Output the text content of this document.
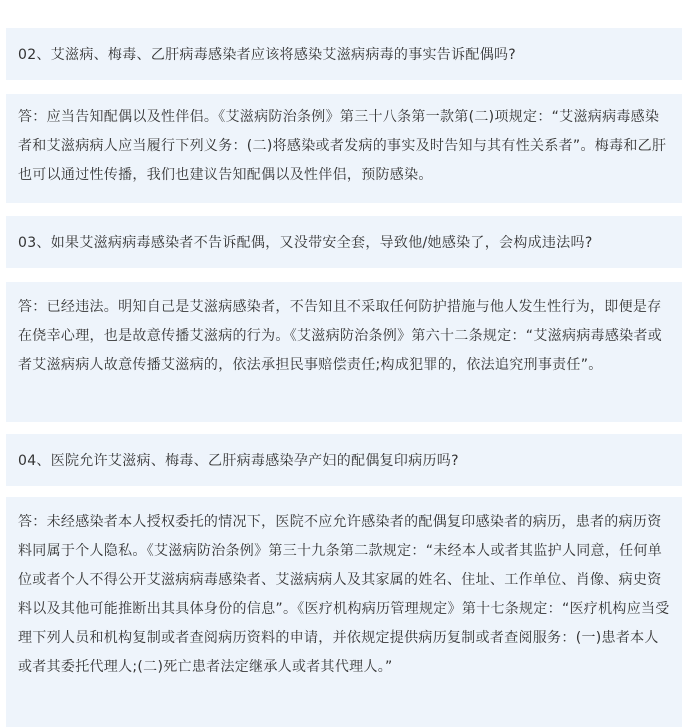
02、艾滋病、梅毒、乙肝病毒感染者应该将感染艾滋病病毒的事实告诉配偶吗?

答：应当告知配偶以及性伴侣。《艾滋病防治条例》第三十八条第一款第(二)项规定：“艾滋病病毒感染者和艾滋病病人应当履行下列义务：(二)将感染或者发病的事实及时告知与其有性关系者”。梅毒和乙肝也可以通过性传播，我们也建议告知配偶以及性伴侣，预防感染。

03、如果艾滋病病毒感染者不告诉配偶，又没带安全套，导致他/她感染了，会构成违法吗?

答：已经违法。明知自己是艾滋病感染者，不告知且不采取任何防护措施与他人发生性行为，即便是存在侥幸心理，也是故意传播艾滋病的行为。《艾滋病防治条例》第六十二条规定：“艾滋病病毒感染者或者艾滋病病人故意传播艾滋病的，依法承担民事赔偿责任;构成犯罪的，依法追究刑事责任”。

04、医院允许艾滋病、梅毒、乙肝病毒感染孕产妇的配偶复印病历吗?

答：未经感染者本人授权委托的情况下，医院不应允许感染者的配偶复印感染者的病历，患者的病历资料同属于个人隐私。《艾滋病防治条例》第三十九条第二款规定：“未经本人或者其监护人同意，任何单位或者个人不得公开艾滋病病毒感染者、艾滋病病人及其家属的姓名、住址、工作单位、肖像、病史资料以及其他可能推断出其具体身份的信息”。《医疗机构病历管理规定》第十七条规定：“医疗机构应当受理下列人员和机构复制或者查阅病历资料的申请，并依规定提供病历复制或者查阅服务：(一)患者本人或者其委托代理人;(二)死亡患者法定继承人或者其代理人。”
